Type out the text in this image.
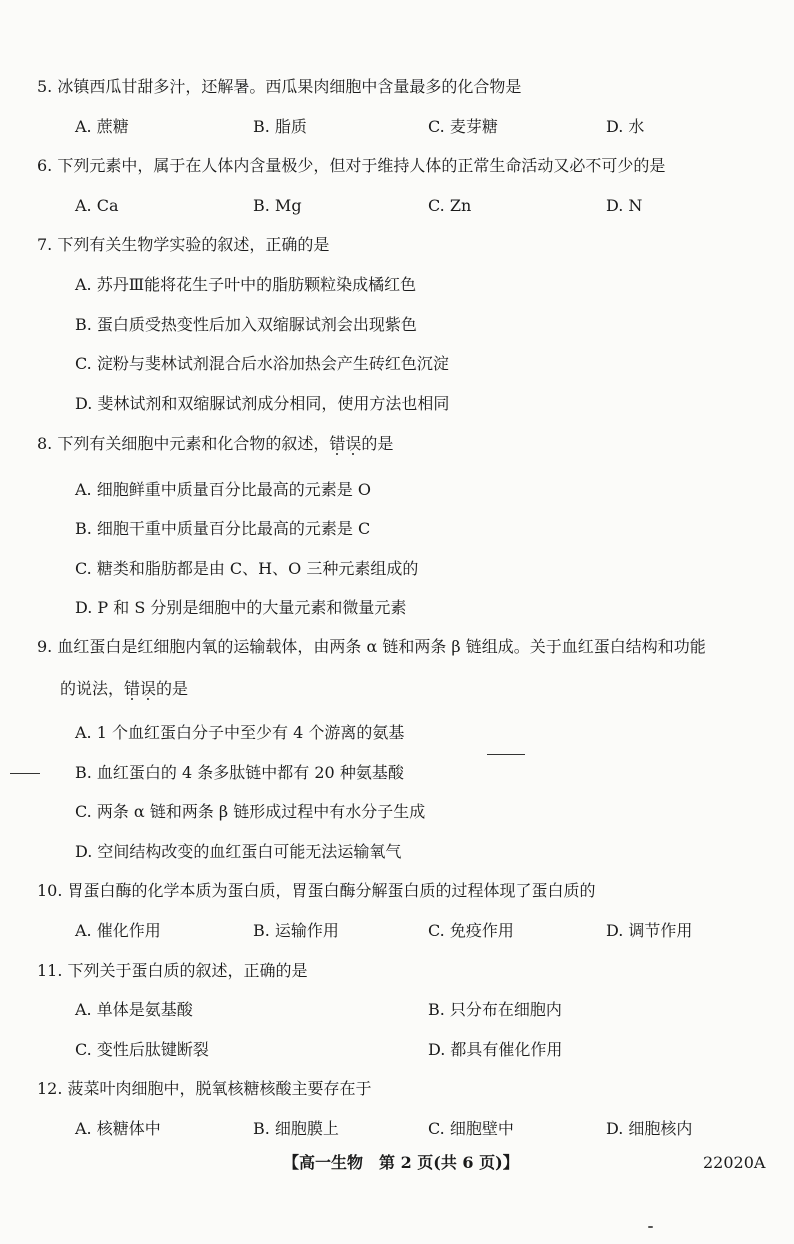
5. 冰镇西瓜甘甜多汁，还解暑。西瓜果肉细胞中含量最多的化合物是
A. 蔗糖	B. 脂质	C. 麦芽糖	D. 水
6. 下列元素中，属于在人体内含量极少，但对于维持人体的正常生命活动又必不可少的是
A. Ca	B. Mg	C. Zn	D. N
7. 下列有关生物学实验的叙述，正确的是
A. 苏丹Ⅲ能将花生子叶中的脂肪颗粒染成橘红色
B. 蛋白质受热变性后加入双缩脲试剂会出现紫色
C. 淀粉与斐林试剂混合后水浴加热会产生砖红色沉淀
D. 斐林试剂和双缩脲试剂成分相同，使用方法也相同
8. 下列有关细胞中元素和化合物的叙述，错误
的是
A. 细胞鲜重中质量百分比最高的元素是 O
B. 细胞干重中质量百分比最高的元素是 C
C. 糖类和脂肪都是由 C、H、O 三种元素组成的
D. P 和 S 分别是细胞中的大量元素和微量元素
9. 血红蛋白是红细胞内氧的运输载体，由两条 α 链和两条 β 链组成。关于血红蛋白结构和功能
的说法，错误
的是
A. 1 个血红蛋白分子中至少有 4 个游离的氨基
B. 血红蛋白的 4 条多肽链中都有 20 种氨基酸
C. 两条 α 链和两条 β 链形成过程中有水分子生成
D. 空间结构改变的血红蛋白可能无法运输氧气
10. 胃蛋白酶的化学本质为蛋白质，胃蛋白酶分解蛋白质的过程体现了蛋白质的
A. 催化作用	B. 运输作用	C. 免疫作用	D. 调节作用
11. 下列关于蛋白质的叙述，正确的是
A. 单体是氨基酸	B. 只分布在细胞内
C. 变性后肽键断裂	D. 都具有催化作用
12. 菠菜叶肉细胞中，脱氧核糖核酸主要存在于
A. 核糖体中	B. 细胞膜上	C. 细胞壁中	D. 细胞核内
【高一生物　第 2 页(共 6 页)】	22020A
